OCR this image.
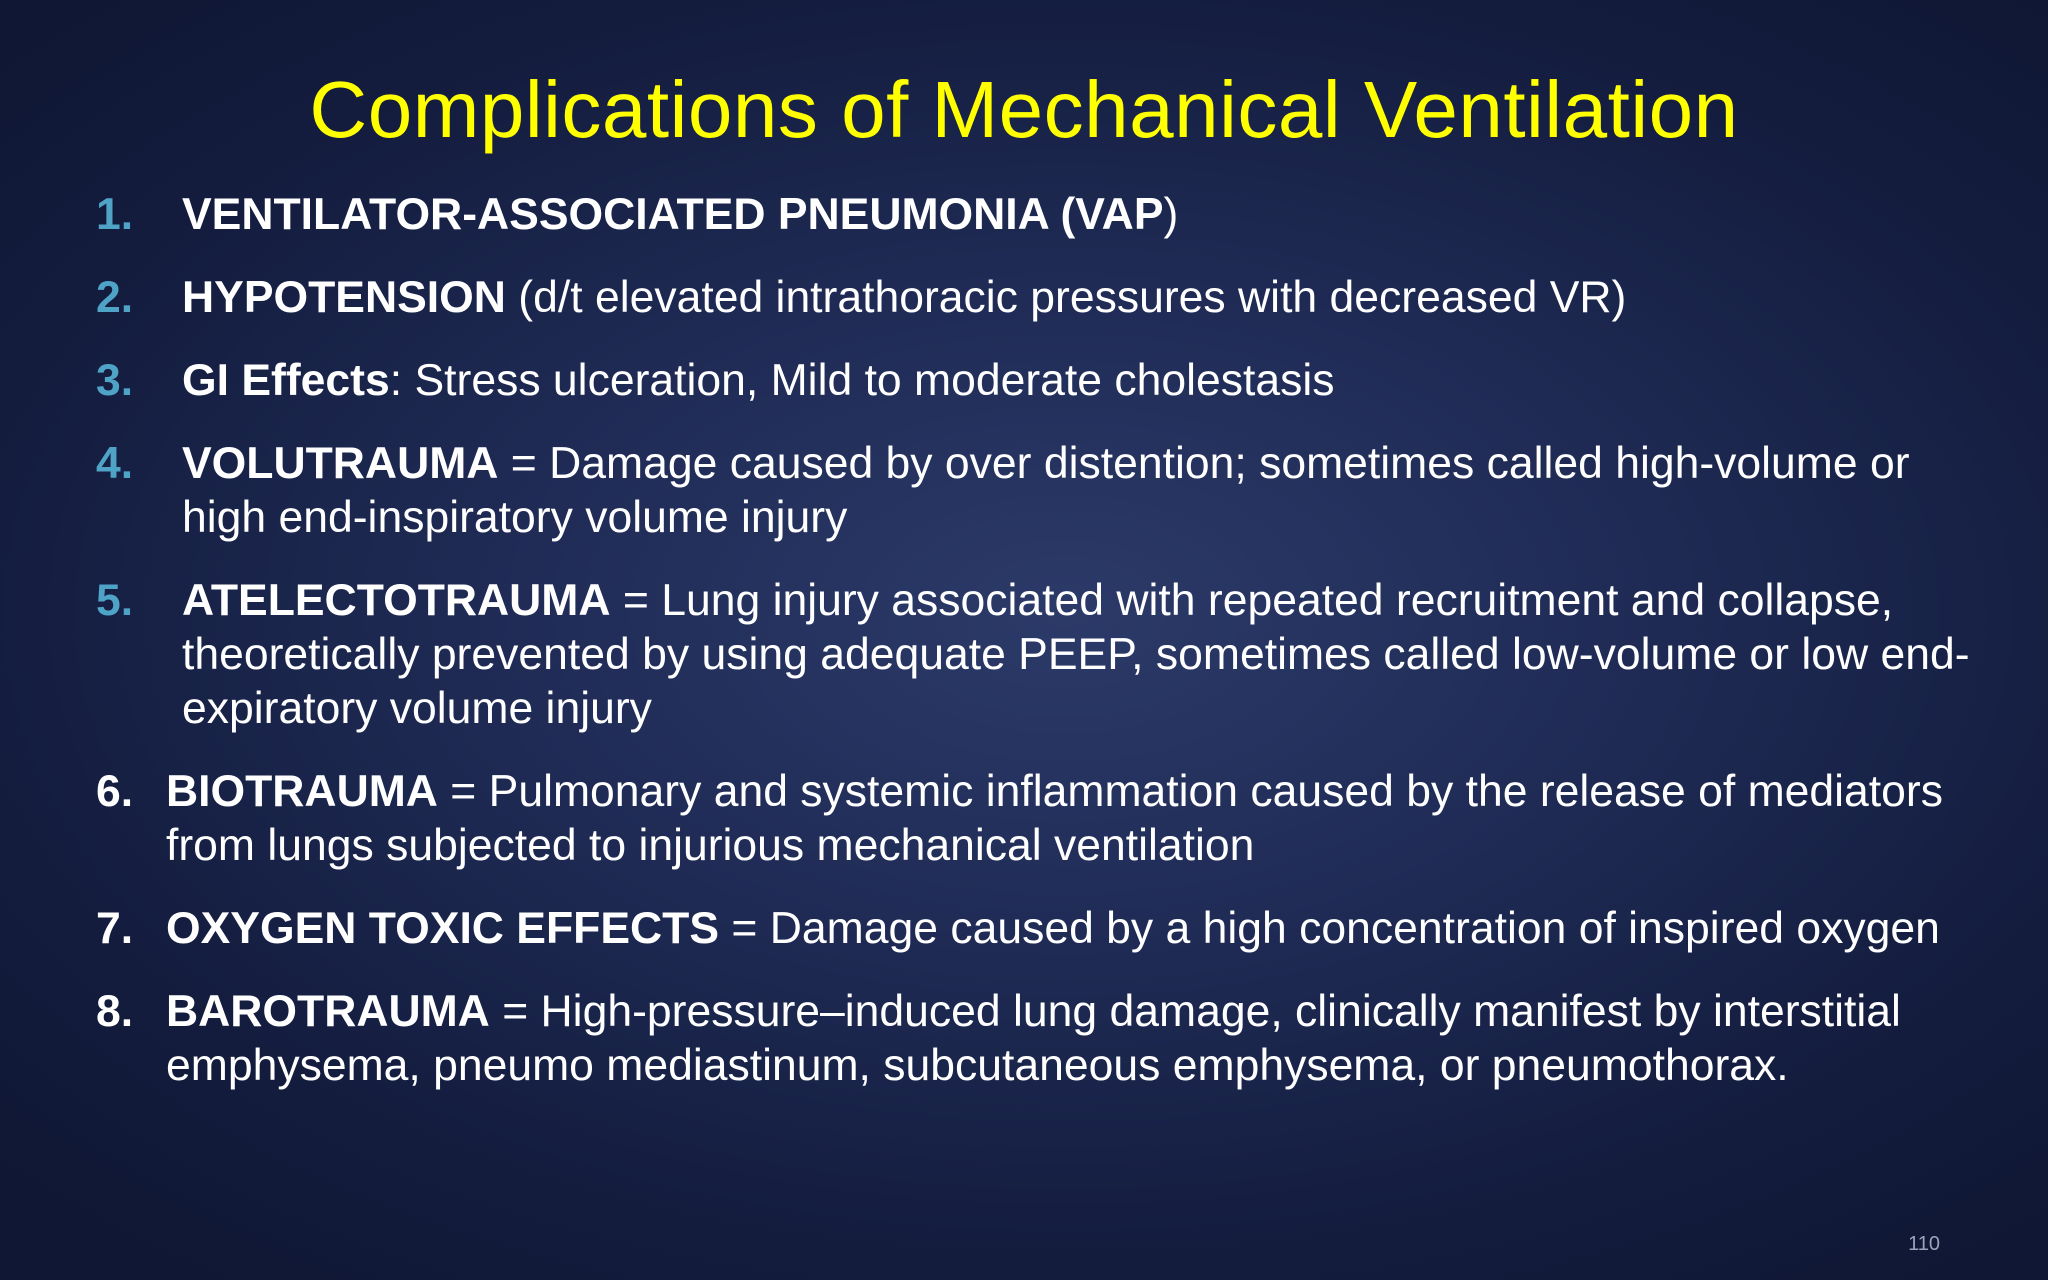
Complications of Mechanical Ventilation
1. VENTILATOR-ASSOCIATED PNEUMONIA (VAP)
2. HYPOTENSION (d/t elevated intrathoracic pressures with decreased VR)
3. GI Effects: Stress ulceration, Mild to moderate cholestasis
4. VOLUTRAUMA = Damage caused by over distention; sometimes called high-volume or high end-inspiratory volume injury
5. ATELECTOTRAUMA = Lung injury associated with repeated recruitment and collapse, theoretically prevented by using adequate PEEP, sometimes called low-volume or low end-expiratory volume injury
6. BIOTRAUMA = Pulmonary and systemic inflammation caused by the release of mediators from lungs subjected to injurious mechanical ventilation
7. OXYGEN TOXIC EFFECTS = Damage caused by a high concentration of inspired oxygen
8. BAROTRAUMA = High-pressure–induced lung damage, clinically manifest by interstitial emphysema, pneumo mediastinum, subcutaneous emphysema, or pneumothorax.
110
